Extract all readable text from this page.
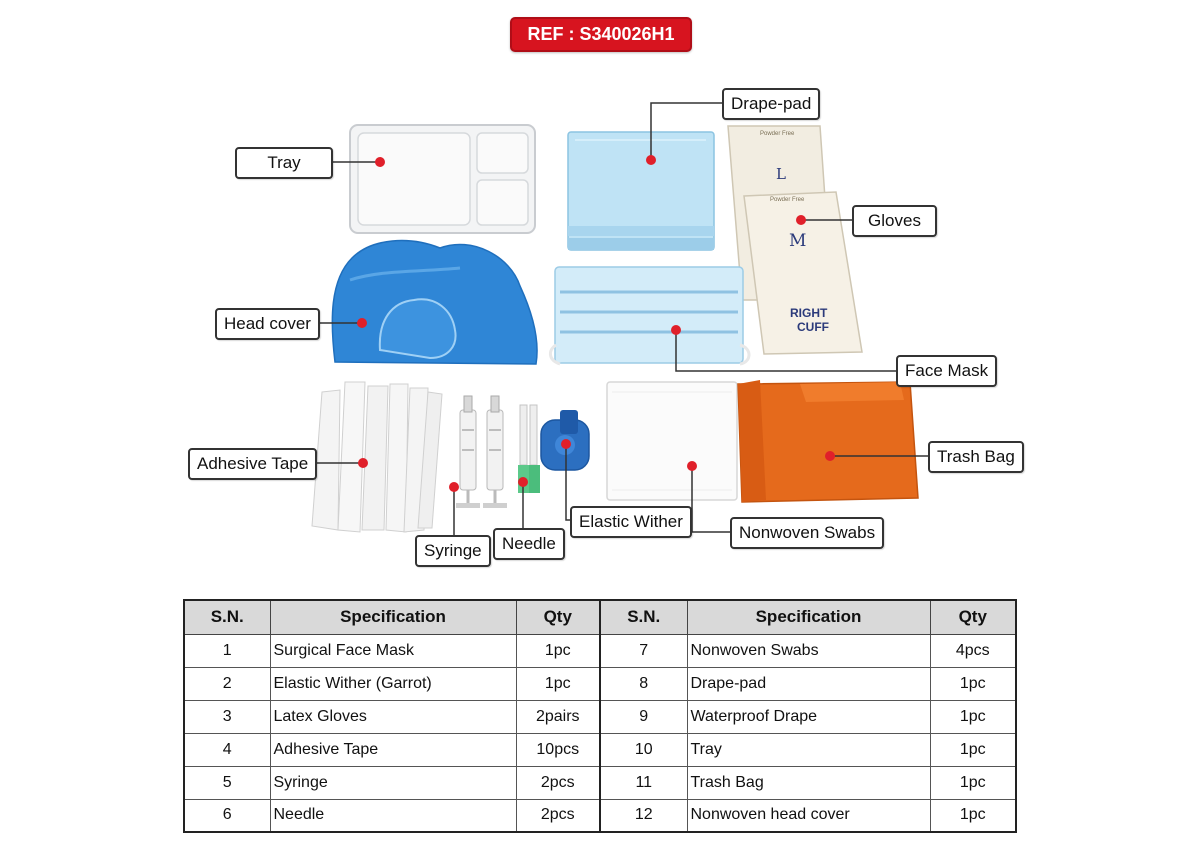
REF : S340026H1
Powder Free
L
Powder Free
M
RIGHT
CUFF
Tray
Drape-pad
Gloves
Head cover
Face Mask
Adhesive Tape	Trash Bag
Elastic Wither
Nonwoven Swabs
Syringe	Needle
S.N.	Specification	Qty	S.N.	Specification	Qty
1	Surgical Face Mask	1pc	7	Nonwoven Swabs	4pcs
2	Elastic Wither (Garrot)	1pc	8	Drape-pad	1pc
3	Latex Gloves	2pairs	9	Waterproof Drape	1pc
4	Adhesive Tape	10pcs	10	Tray	1pc
5	Syringe	2pcs	11	Trash Bag	1pc
6	Needle	2pcs	12	Nonwoven head cover	1pc
